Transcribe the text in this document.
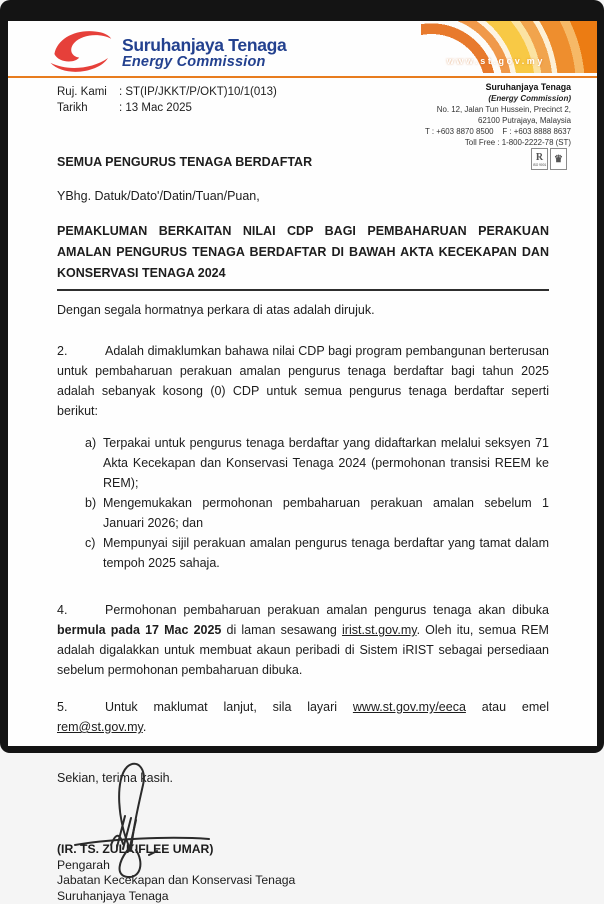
Suruhanjaya Tenaga
Energy Commission	www.st.gov.my
Ruj. Kami : ST(IP/JKKT/P/OKT)10/1(013)
Tarikh	: 13 Mac 2025
Suruhanjaya Tenaga
(Energy Commission)
No. 12, Jalan Tun Hussein, Precinct 2,
62100 Putrajaya, Malaysia
T : +603 8870 8500    F : +603 8888 8637
Toll Free : 1-800-2222-78 (ST)
R
ISO 9001 ♛
SEMUA PENGURUS TENAGA BERDAFTAR
YBhg. Datuk/Dato'/Datin/Tuan/Puan,
PEMAKLUMAN BERKAITAN NILAI CDP BAGI PEMBAHARUAN PERAKUAN AMALAN PENGURUS TENAGA BERDAFTAR DI BAWAH AKTA KECEKAPAN DAN KONSERVASI TENAGA 2024
Dengan segala hormatnya perkara di atas adalah dirujuk.
2.	Adalah dimaklumkan bahawa nilai CDP bagi program pembangunan berterusan untuk pembaharuan perakuan amalan pengurus tenaga berdaftar bagi tahun 2025 adalah sebanyak kosong (0) CDP untuk semua pengurus tenaga berdaftar seperti berikut:
a) Terpakai untuk pengurus tenaga berdaftar yang didaftarkan melalui seksyen 71 Akta Kecekapan dan Konservasi Tenaga 2024 (permohonan transisi REEM ke REM);
b) Mengemukakan permohonan pembaharuan perakuan amalan sebelum 1 Januari 2026; dan
c) Mempunyai sijil perakuan amalan pengurus tenaga berdaftar yang tamat dalam tempoh 2025 sahaja.
4.	Permohonan pembaharuan perakuan amalan pengurus tenaga akan dibuka bermula pada 17 Mac 2025 di laman sesawang irist.st.gov.my. Oleh itu, semua REM adalah digalakkan untuk membuat akaun peribadi di Sistem iRIST sebagai persediaan sebelum permohonan pembaharuan dibuka.
5.	Untuk maklumat lanjut, sila layari www.st.gov.my/eeca atau emel rem@st.gov.my.
Sekian, terima kasih.
(IR. TS. ZULKIFLEE UMAR)
Pengarah
Jabatan Kecekapan dan Konservasi Tenaga
Suruhanjaya Tenaga
